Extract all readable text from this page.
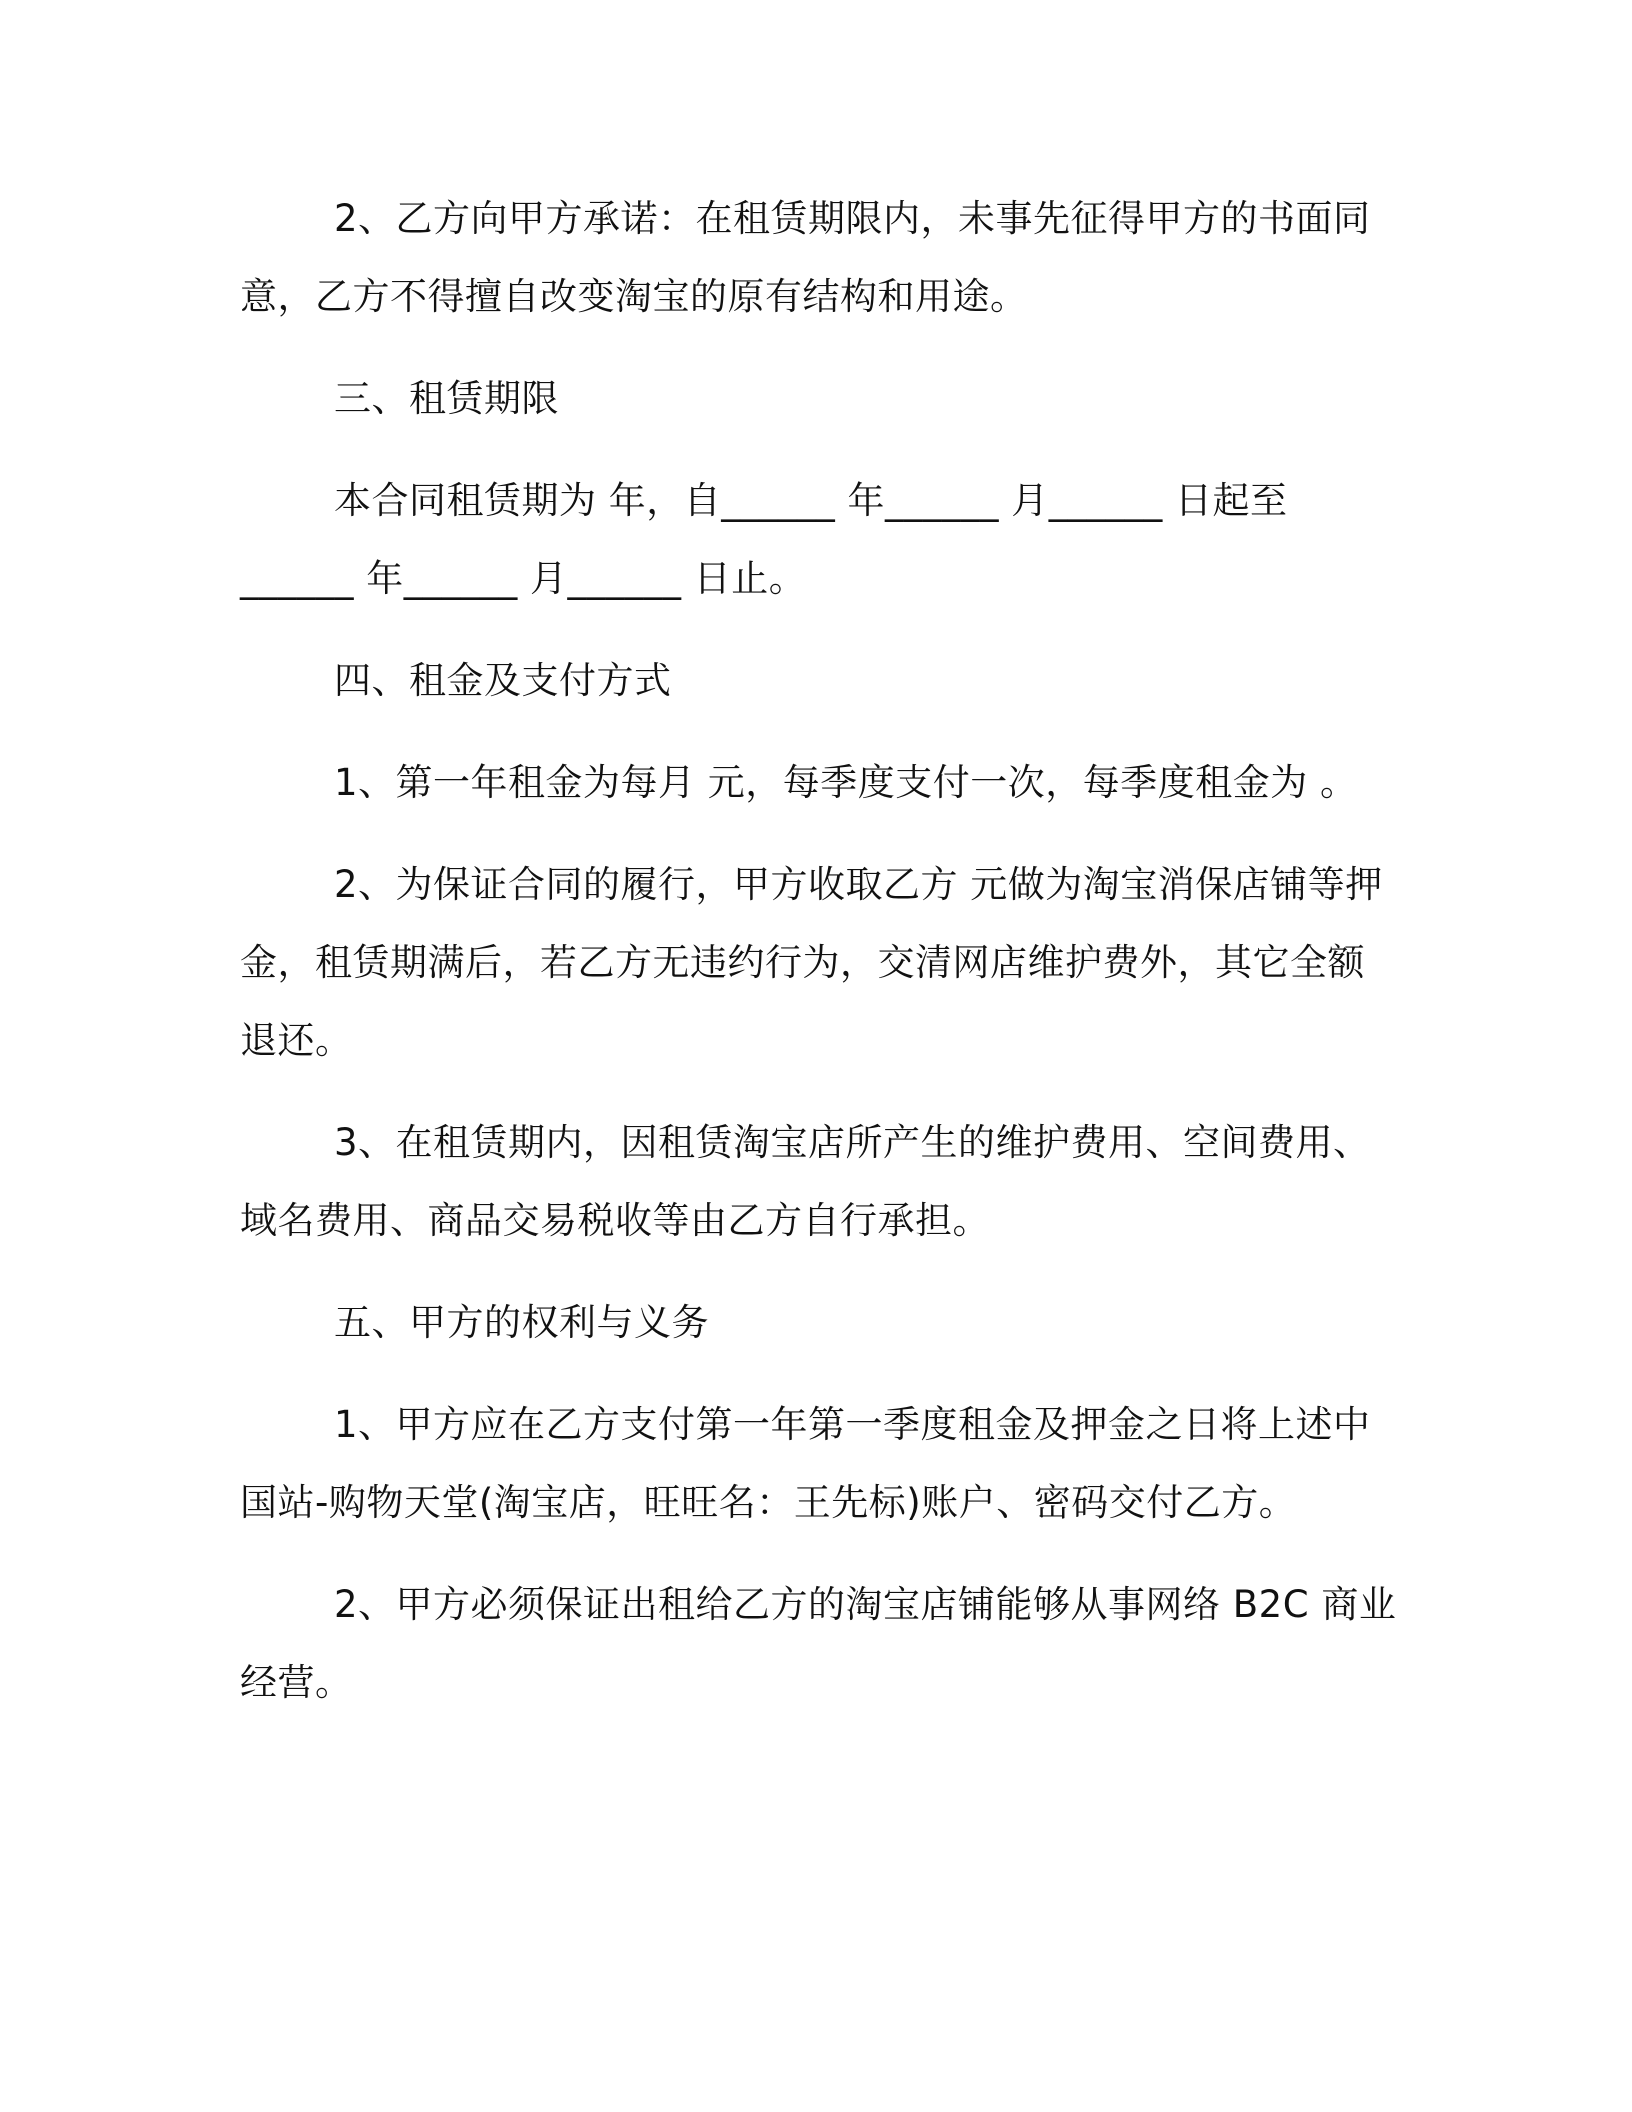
2、乙方向甲方承诺：在租赁期限内，未事先征得甲方的书面同
意，乙方不得擅自改变淘宝的原有结构和用途。
三、租赁期限
本合同租赁期为 年，自______ 年______ 月______ 日起至
______ 年______ 月______ 日止。
四、租金及支付方式
1、第一年租金为每月 元，每季度支付一次，每季度租金为 。
2、为保证合同的履行，甲方收取乙方 元做为淘宝消保店铺等押
金，租赁期满后，若乙方无违约行为，交清网店维护费外，其它全额
退还。
3、在租赁期内，因租赁淘宝店所产生的维护费用、空间费用、
域名费用、商品交易税收等由乙方自行承担。
五、甲方的权利与义务
1、甲方应在乙方支付第一年第一季度租金及押金之日将上述中
国站-购物天堂(淘宝店，旺旺名：王先标)账户、密码交付乙方。
2、甲方必须保证出租给乙方的淘宝店铺能够从事网络 B2C 商业
经营。
